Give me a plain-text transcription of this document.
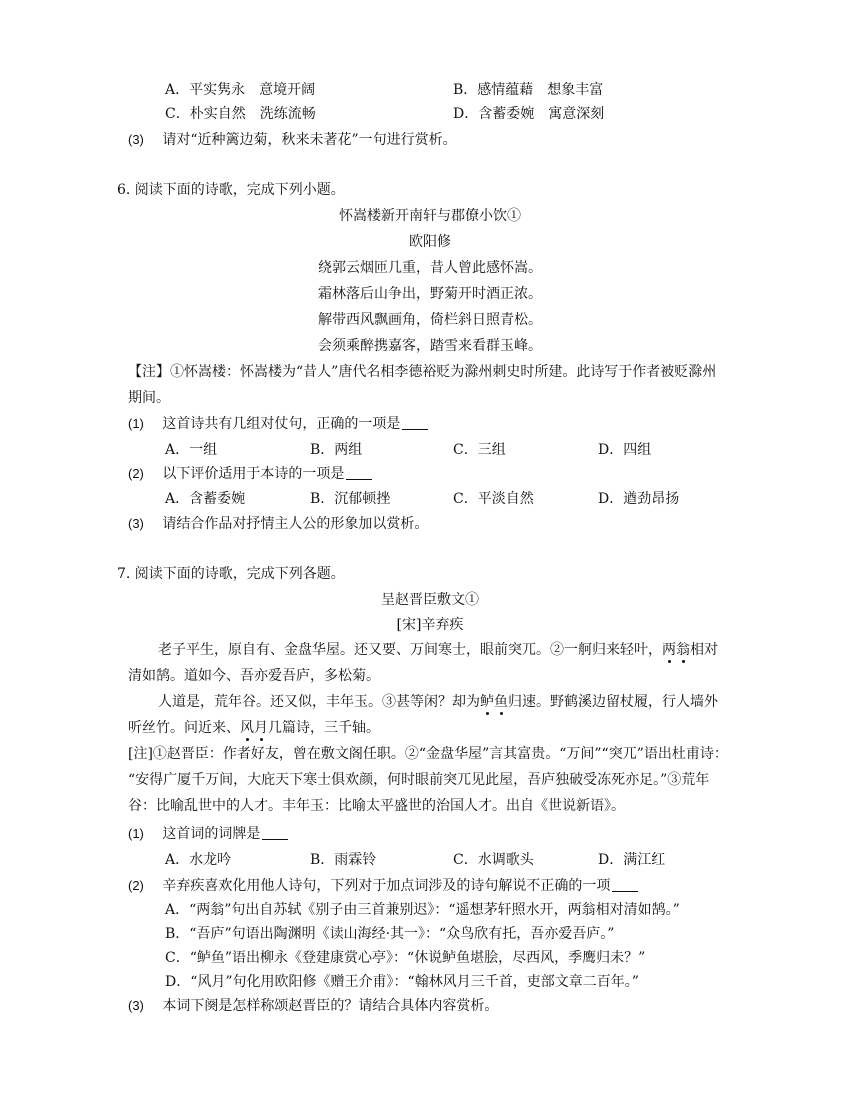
A．平实隽永　意境开阔	B．感情蕴藉　想象丰富
C．朴实自然　洗练流畅	D．含蓄委婉　寓意深刻
(3) 请对“近种篱边菊，秋来未著花”一句进行赏析。
6. 阅读下面的诗歌，完成下列小题。
怀嵩楼新开南轩与郡僚小饮①
欧阳修
绕郭云烟匝几重，昔人曾此感怀嵩。
霜林落后山争出，野菊开时酒正浓。
解带西风飘画角，倚栏斜日照青松。
会须乘醉携嘉客，踏雪来看群玉峰。
【注】①怀嵩楼：怀嵩楼为“昔人”唐代名相李德裕贬为滁州刺史时所建。此诗写于作者被贬滁州
期间。
(1) 这首诗共有几组对仗句，正确的一项是
A．一组	B．两组	C．三组	D．四组
(2) 以下评价适用于本诗的一项是
A．含蓄委婉	B．沉郁顿挫	C．平淡自然	D．遒劲昂扬
(3) 请结合作品对抒情主人公的形象加以赏析。
7. 阅读下面的诗歌，完成下列各题。
呈赵晋臣敷文①
[宋]辛弃疾
老子平生，原自有、金盘华屋。还又要、万间寒士，眼前突兀。②一舸归来轻叶，两翁相对
清如鹄。道如今、吾亦爱吾庐，多松菊。
人道是，荒年谷。还又似，丰年玉。③甚等闲？却为鲈鱼归速。野鹤溪边留杖履，行人墙外
听丝竹。问近来、风月几篇诗，三千轴。
[注]①赵晋臣：作者好友，曾在敷文阁任职。②“金盘华屋”言其富贵。“万间”“突兀”语出杜甫诗：
“安得广厦千万间，大庇天下寒士俱欢颜，何时眼前突兀见此屋，吾庐独破受冻死亦足。”③荒年
谷：比喻乱世中的人才。丰年玉：比喻太平盛世的治国人才。出自《世说新语》。
(1) 这首词的词牌是
A．水龙吟	B．雨霖铃	C．水调歌头	D．满江红
(2) 辛弃疾喜欢化用他人诗句，下列对于加点词涉及的诗句解说不正确的一项
A．“两翁”句出自苏轼《别子由三首兼别迟》：“遥想茅轩照水开，两翁相对清如鹄。”
B．“吾庐”句语出陶渊明《读山海经·其一》：“众鸟欣有托，吾亦爱吾庐。”
C．“鲈鱼”语出柳永《登建康赏心亭》：“休说鲈鱼堪脍，尽西风，季鹰归未？”
D．“风月”句化用欧阳修《赠王介甫》：“翰林风月三千首，吏部文章二百年。”
(3) 本词下阕是怎样称颂赵晋臣的？请结合具体内容赏析。
